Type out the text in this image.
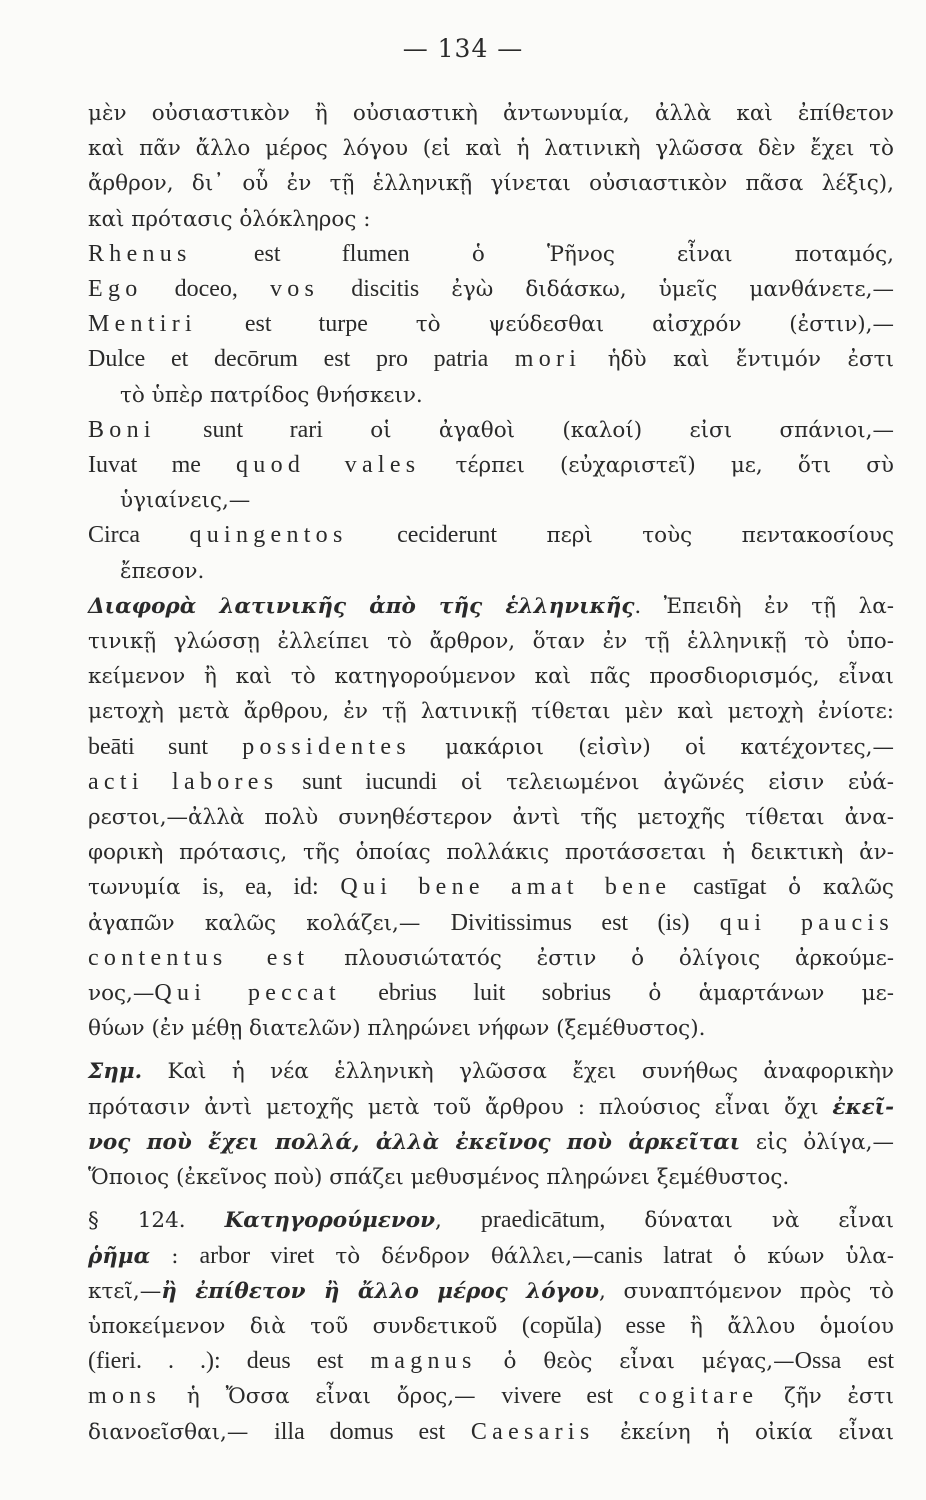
— 134 —
μὲν οὐσιαστικὸν ἢ οὐσιαστικὴ ἀντωνυμία, ἀλλὰ καὶ ἐπίθετον
καὶ πᾶν ἄλλο μέρος λόγου (εἰ καὶ ἡ λατινικὴ γλῶσσα δὲν ἔχει τὸ
ἄρθρον, δι᾽ οὗ ἐν τῇ ἑλληνικῇ γίνεται οὐσιαστικὸν πᾶσα λέξις),
καὶ πρότασις ὁλόκληρος :
Rhenus	est flumen ὁ Ῥῆνος εἶναι ποταμός,
Ego doceo, vos discitis ἐγὼ διδάσκω, ὑμεῖς μανθάνετε,—
Mentiri est turpe τὸ ψεύδεσθαι αἰσχρόν (ἐστιν),—
Dulce et decōrum est pro patria mori ἡδὺ καὶ ἔντιμόν ἐστι
τὸ ὑπὲρ πατρίδος θνήσκειν.
Boni sunt rari οἱ ἀγαθοὶ (καλοί) εἰσι σπάνιοι,—
Iuvat me quod vales τέρπει (εὐχαριστεῖ) με, ὅτι σὺ
ὑγιαίνεις,—
Circa quingentos ceciderunt περὶ τοὺς πεντακοσίους
ἔπεσον.
Διαφορὰ λατινικῆς ἀπὸ τῆς ἑλληνικῆς. Ἐπειδὴ ἐν τῇ λα-
τινικῇ γλώσσῃ ἐλλείπει τὸ ἄρθρον, ὅταν ἐν τῇ ἑλληνικῇ τὸ ὑπο-
κείμενον ἢ καὶ τὸ κατηγορούμενον καὶ πᾶς προσδιορισμός, εἶναι
μετοχὴ μετὰ ἄρθρου, ἐν τῇ λατινικῇ τίθεται μὲν καὶ μετοχὴ ἐνίοτε:
beāti sunt possidentes μακάριοι (εἰσὶν) οἱ κατέχοντες,—
acti labores sunt iucundi οἱ τελειωμένοι ἀγῶνές εἰσιν εὐά-
ρεστοι,—ἀλλὰ πολὺ συνηθέστερον ἀντὶ τῆς μετοχῆς τίθεται ἀνα-
φορικὴ πρότασις, τῆς ὁποίας πολλάκις προτάσσεται ἡ δεικτικὴ ἀν-
τωνυμία is, ea, id: Qui bene amat bene castīgat ὁ καλῶς
ἀγαπῶν καλῶς κολάζει,— Divitissimus est (is) qui paucis
contentus est πλουσιώτατός ἐστιν ὁ ὀλίγοις ἀρκούμε-
νος,—Qui peccat ebrius luit sobrius ὁ ἁμαρτάνων με-
θύων (ἐν μέθῃ διατελῶν) πληρώνει νήφων (ξεμέθυστος).
Σημ. Καὶ ἡ νέα ἑλληνικὴ γλῶσσα ἔχει συνήθως ἀναφορικὴν
πρότασιν ἀντὶ μετοχῆς μετὰ τοῦ ἄρθρου : πλούσιος εἶναι ὄχι ἐκεῖ-
νος ποὺ ἔχει πολλά, ἀλλὰ ἐκεῖνος ποὺ ἀρκεῖται εἰς ὀλίγα,—
Ὅποιος (ἐκεῖνος ποὺ) σπάζει μεθυσμένος πληρώνει ξεμέθυστος.
§ 124. Κατηγορούμενον, praedicātum, δύναται νὰ εἶναι
ῥῆμα : arbor viret τὸ δένδρον θάλλει,—canis latrat ὁ κύων ὑλα-
κτεῖ,—ἢ ἐπίθετον ἢ ἄλλο μέρος λόγου, συναπτόμενον πρὸς τὸ
ὑποκείμενον διὰ τοῦ συνδετικοῦ (copŭla) esse ἢ ἄλλου ὁμοίου
(fieri. . .): deus est magnus ὁ θεὸς εἶναι μέγας,—Ossa est
mons ἡ Ὄσσα εἶναι ὄρος,— vivere est cogitare ζῆν ἐστι
διανοεῖσθαι,— illa domus est Caesaris ἐκείνη ἡ οἰκία εἶναι
